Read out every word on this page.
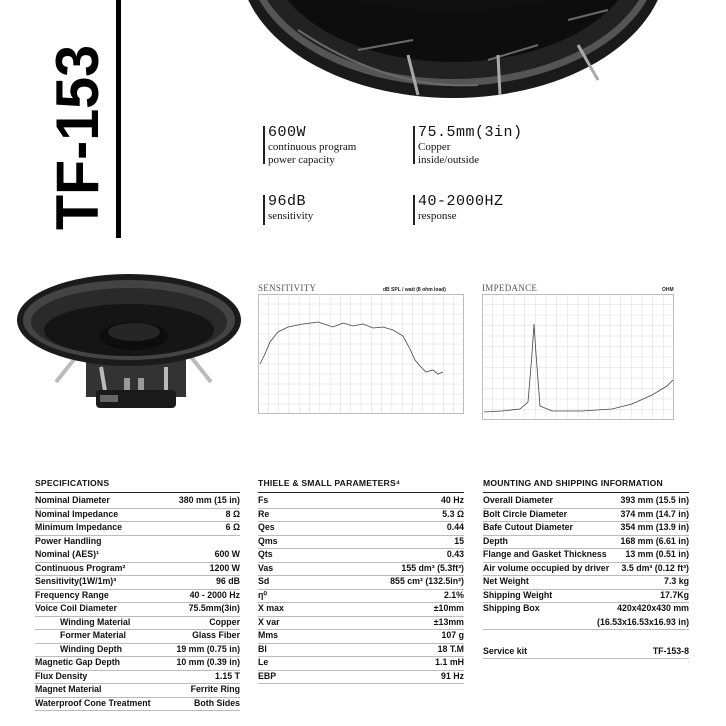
TF-153	600W
continuous program
power capacity
75.5mm(3in)
Copper
inside/outside
96dB
sensitivity
40-2000HZ
response
SENSITIVITY	dB SPL / watt (8 ohm load)	IMPEDANCE	OHM
SPECIFICATIONS
Nominal Diameter	380 mm (15 in)
Nominal Impedance	8 Ω
Minimum Impedance	6 Ω
Power Handling
Nominal (AES)¹	600 W
Continuous Program²	1200 W
Sensitivity(1W/1m)³	96 dB
Frequency Range	40 - 2000 Hz
Voice Coil Diameter	75.5mm(3in)
Winding Material	Copper
Former Material	Glass Fiber
Winding Depth	19 mm (0.75 in)
Magnetic Gap Depth	10 mm (0.39 in)
Flux Density	1.15 T
Magnet Material	Ferrite Ring
Waterproof Cone Treatment	Both Sides
THIELE & SMALL PARAMETERS⁴
Fs	40 Hz
Re	5.3 Ω
Qes	0.44
Qms	15
Qts	0.43
Vas	155 dm³ (5.3ft³)
Sd	855 cm² (132.5in²)
η⁰	2.1%
X max	±10mm
X var	±13mm
Mms	107 g
Bl	18 T.M
Le	1.1 mH
EBP	91 Hz
MOUNTING AND SHIPPING INFORMATION
Overall Diameter	393 mm (15.5 in)
Bolt Circle Diameter	374 mm (14.7 in)
Bafe Cutout Diameter	354 mm (13.9 in)
Depth	168 mm (6.61 in)
Flange and Gasket Thickness 13 mm (0.51 in)
Air volume occupied by driver 3.5 dm³ (0.12 ft³)
Net Weight	7.3 kg
Shipping Weight	17.7Kg
Shipping Box	420x420x430 mm
(16.53x16.53x16.93 in)
Service kit	TF-153-8
